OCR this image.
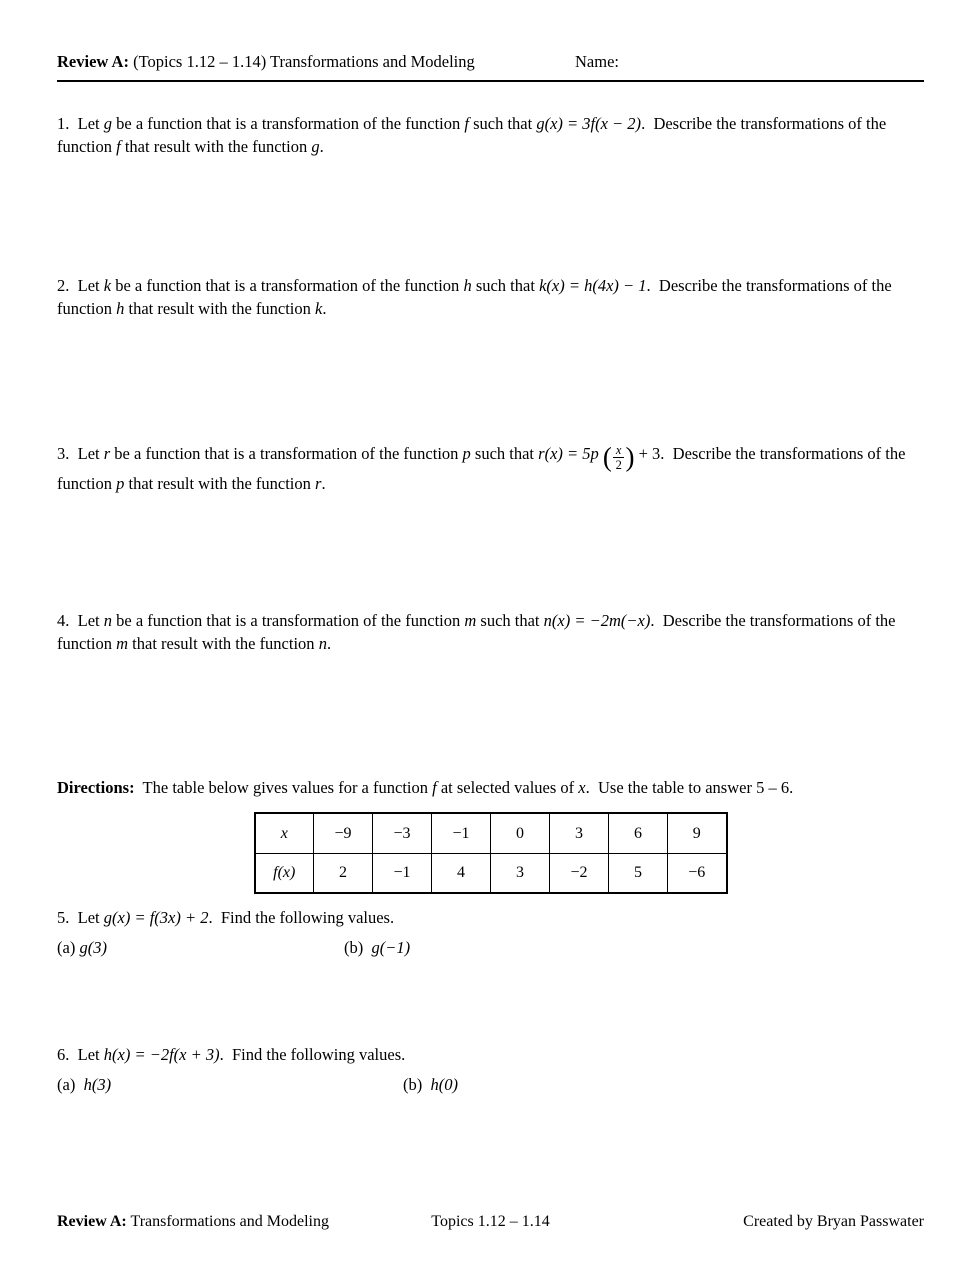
Review A: (Topics 1.12 – 1.14) Transformations and Modeling	Name:

1.  Let g be a function that is a transformation of the function f such that g(x) = 3f(x − 2).  Describe the transformations of the function f that result with the function g.

2.  Let k be a function that is a transformation of the function h such that k(x) = h(4x) − 1.  Describe the transformations of the function h that result with the function k.

3.  Let r be a function that is a transformation of the function p such that r(x) = 5p ( $\frac{x}{2}$ ) + 3.  Describe the transformations of the function p that result with the function r.

4.  Let n be a function that is a transformation of the function m such that n(x) = −2m(−x).  Describe the transformations of the function m that result with the function n.

Directions:  The table below gives values for a function f at selected values of x.  Use the table to answer 5 – 6.

x	−9	−3	−1	0	3	6	9
f(x)	2	−1	4	3	−2	5	−6

5.  Let g(x) = f(3x) + 2.  Find the following values.

(a) g(3)	(b)  g(−1)

6.  Let h(x) = −2f(x + 3).  Find the following values.

(a)  h(3)	(b)  h(0)
Review A: Transformations and Modeling	Topics 1.12 – 1.14	Created by Bryan Passwater
